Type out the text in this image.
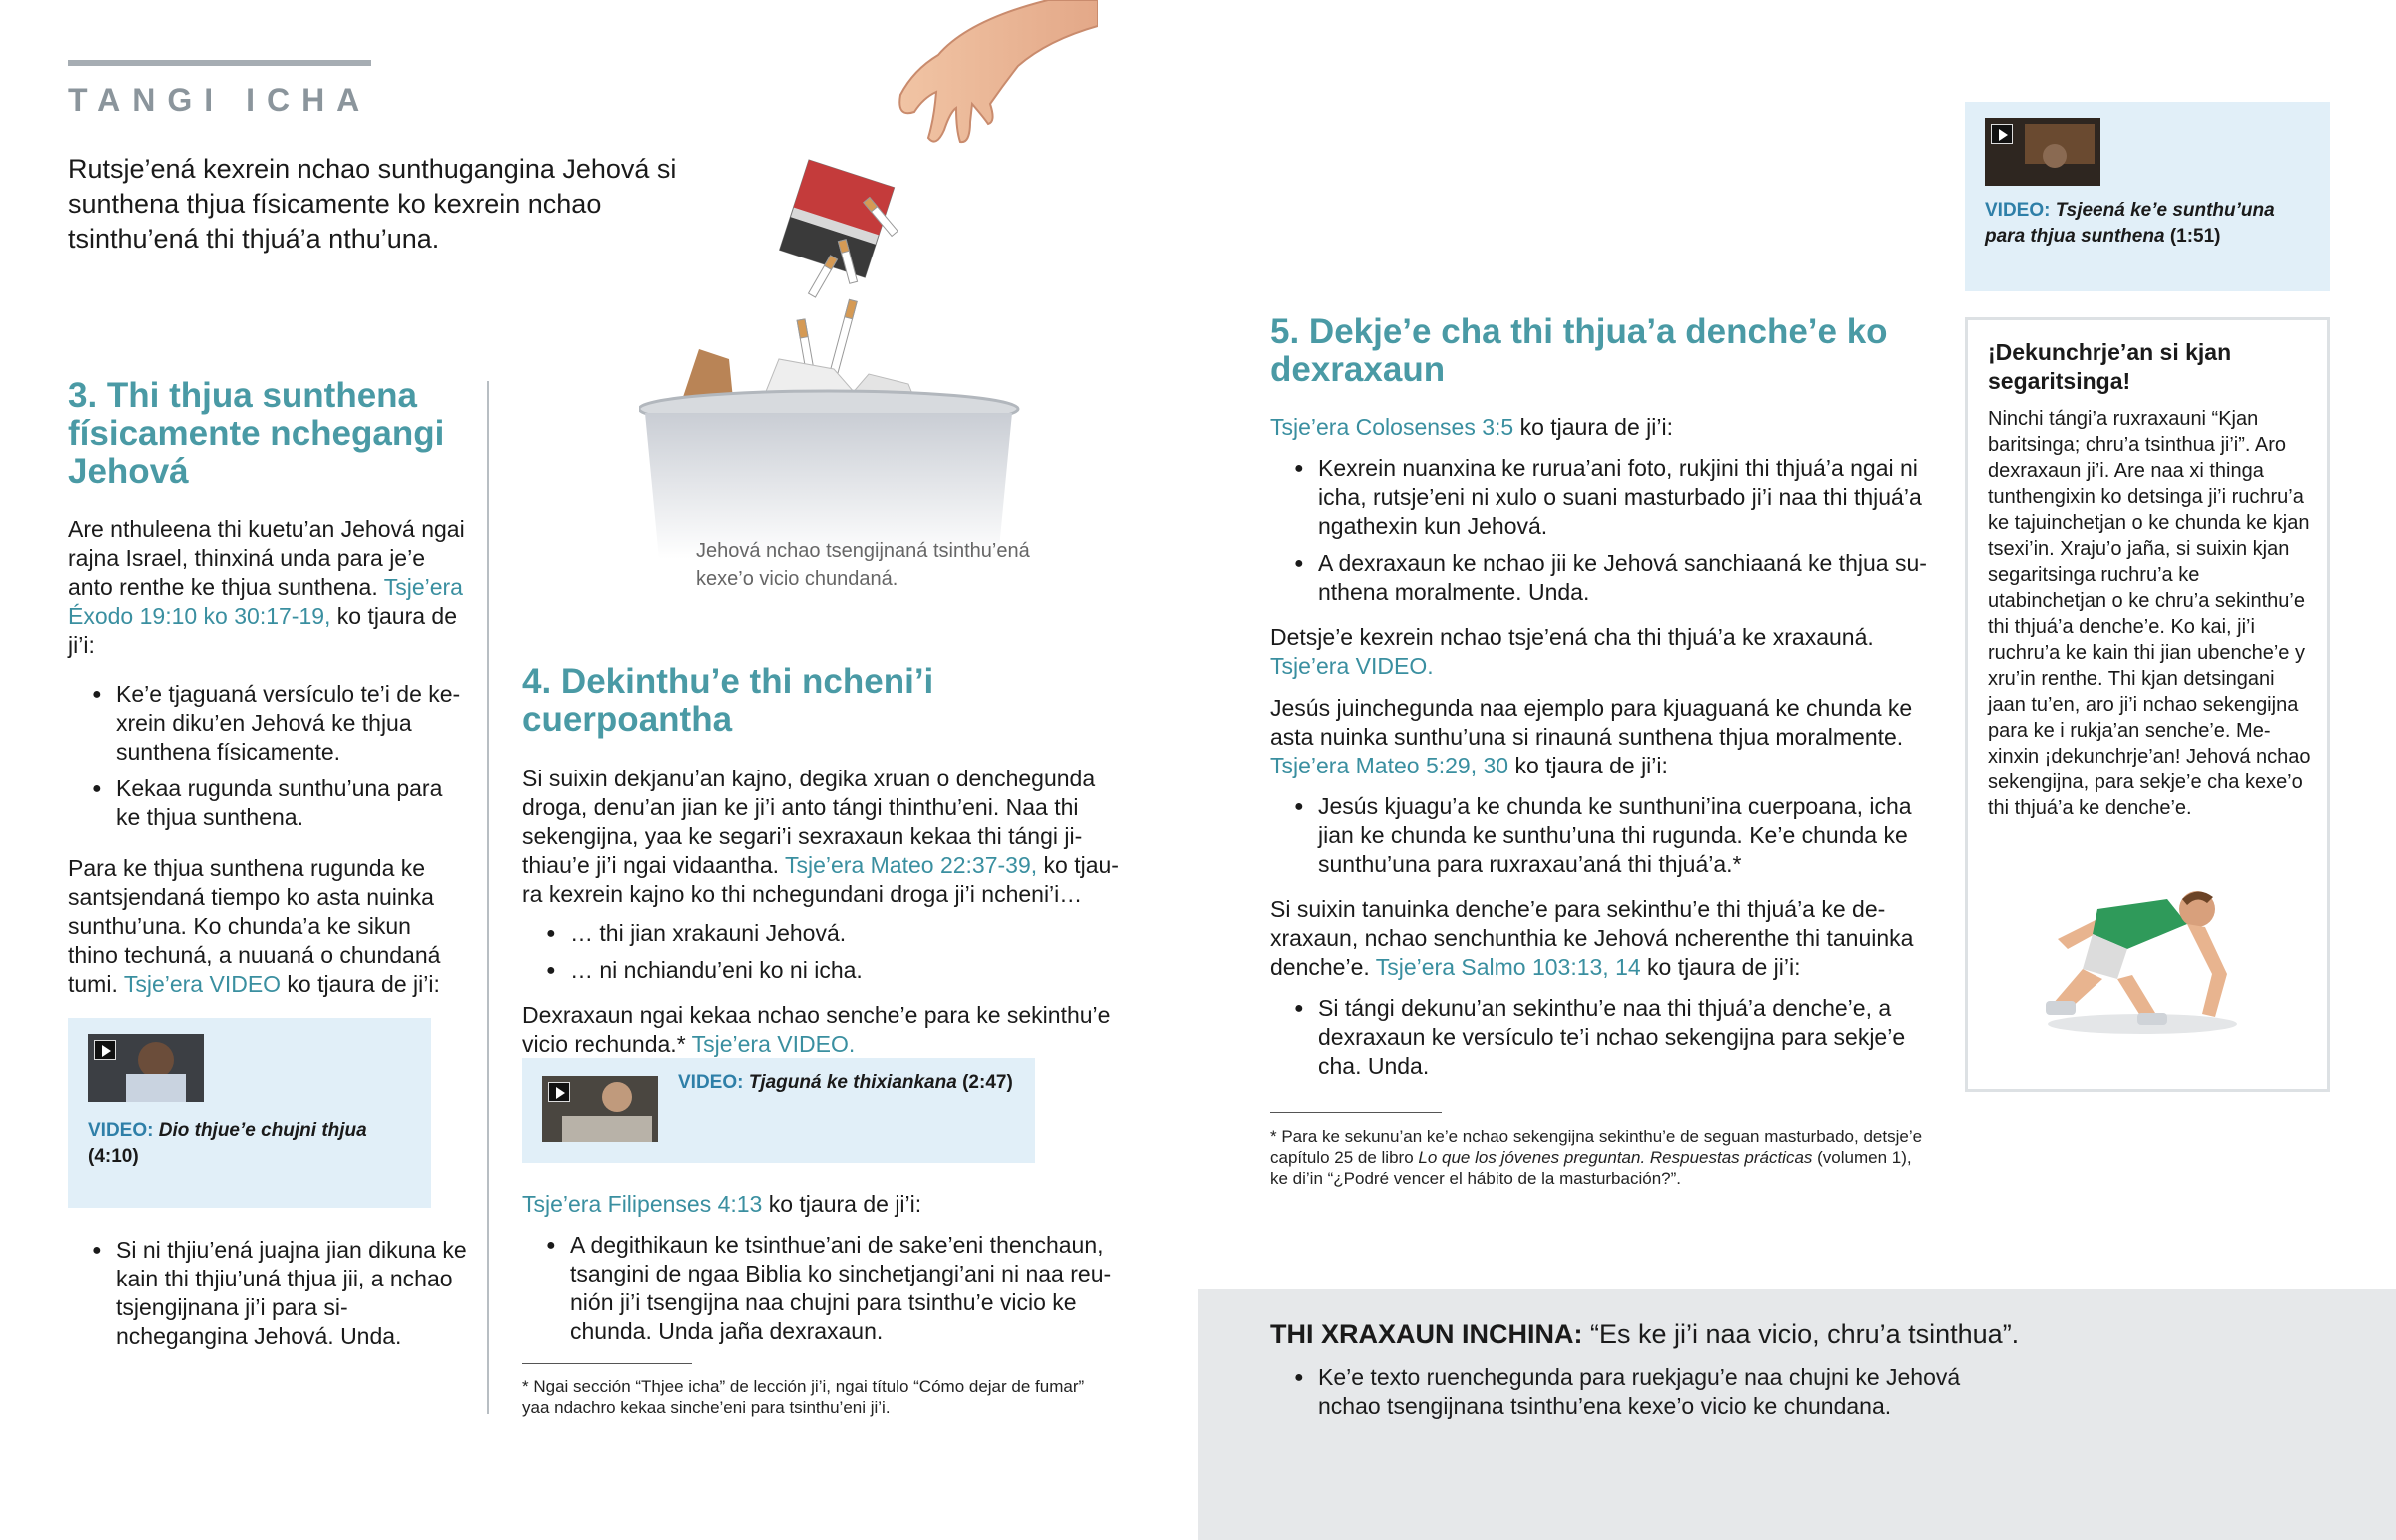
TANGI ICHA

Rutsje’ená kexrein nchao sunthugangina Jehová si sunthena thjua físicamente ko kexrein nchao tsinthu’ená thi thjuá’a nthu’una.

Jehová nchao tsengijnaná tsinthu’ená kexe’o vicio chundaná.
3. Thi thjua sunthena físicamente nchegangi Jehová

Are nthuleena thi kuetu’an Jehová ngai rajna Israel, thinxiná unda para je’e anto renthe ke thjua sunthena. Tsje’era Éxodo 19:10 ko 30:17-19, ko tjaura de ji’i:

● Ke’e tjaguaná versículo te’i de kexrein diku’en Jehová ke thjua sunthena físicamente.
● Kekaa rugunda sunthu’una para ke thjua sunthena.

Para ke thjua sunthena rugunda ke santsjendaná tiempo ko asta nuinka sunthu’una. Ko chunda’a ke sikun thino techuná, a nuuaná o chundaná tumi. Tsje’era VIDEO ko tjaura de ji’i:

VIDEO: Dio thjue’e chujni thjua
(4:10)
● Si ni thjiu’ená juajna jian dikuna ke kain thi thjiu’uná thjua jii, a nchao tsjengijnana ji’i para sinchegangina Jehová. Unda.
4. Dekinthu’e thi ncheni’i cuerpoantha

Si suixin dekjanu’an kajno, degika xruan o denchegunda droga, denu’an jian ke ji’i anto tángi thinthu’eni. Naa thi sekengijna, yaa ke segari’i sexraxaun kekaa thi tángi jithiau’e ji’i ngai vidaantha. Tsje’era Mateo 22:37-39, ko tjaura kexrein kajno ko thi nchegundani droga ji’i ncheni’i…

● … thi jian xrakauni Jehová.
● … ni nchiandu’eni ko ni icha.

Dexraxaun ngai kekaa nchao senche’e para ke sekinthu’e vicio rechunda.* Tsje’era VIDEO.

VIDEO: Tjaguná ke thixiankana (2:47)

Tsje’era Filipenses 4:13 ko tjaura de ji’i:

● A degithikaun ke tsinthue’ani de sake’eni thenchaun, tsangini de ngaa Biblia ko sinchetjangi’ani ni naa reunión ji’i tsengijna naa chujni para tsinthu’e vicio ke chunda. Unda jaña dexraxaun.
* Ngai sección “Thjee icha” de lección ji’i, ngai título “Cómo dejar de fumar” yaa ndachro kekaa sinche’eni para tsinthu’eni ji’i.
5. Dekje’e cha thi thjua’a denche’e ko dexraxaun

Tsje’era Colosenses 3:5 ko tjaura de ji’i:

● Kexrein nuanxina ke rurua’ani foto, rukjini thi thjuá’a ngai ni icha, rutsje’eni ni xulo o suani masturbado ji’i naa thi thjuá’a ngathexin kun Jehová.
● A dexraxaun ke nchao jii ke Jehová sanchiaaná ke thjua sunthena moralmente. Unda.

Detsje’e kexrein nchao tsje’ená cha thi thjuá’a ke xraxauná. Tsje’era VIDEO.

Jesús juinchegunda naa ejemplo para kjuaguaná ke chunda ke asta nuinka sunthu’una si rinauná sunthena thjua moralmente. Tsje’era Mateo 5:29, 30 ko tjaura de ji’i:

● Jesús kjuagu’a ke chunda ke sunthuni’ina cuerpoana, icha jian ke chunda ke sunthu’una thi rugunda. Ke’e chunda ke sunthu’una para ruxraxau’aná thi thjuá’a.*

Si suixin tanuinka denche’e para sekinthu’e thi thjuá’a ke dexraxaun, nchao senchunthia ke Jehová ncherenthe thi tanuinka denche’e. Tsje’era Salmo 103:13, 14 ko tjaura de ji’i:

● Si tángi dekunu’an sekinthu’e naa thi thjuá’a denche’e, a dexraxaun ke versículo te’i nchao sekengijna para sekje’e cha. Unda.
* Para ke sekunu’an ke’e nchao sekengijna sekinthu’e de seguan masturbado, detsje’e capítulo 25 de libro Lo que los jóvenes preguntan. Respuestas prácticas (volumen 1), ke di’in “¿Podré vencer el hábito de la masturbación?”.
VIDEO: Tsjeená ke’e sunthu’una para thjua sunthena (1:51)
¡Dekunchrje’an si kjan segaritsinga!
Ninchi tángi’a ruxraxauni “Kjan baritsinga; chru’a tsinthua ji’i”. Aro dexraxaun ji’i. Are naa xi thinga tunthengixin ko detsinga ji’i ruchru’a ke tajuinchetjan o ke chunda ke kjan tsexi’in. Xraju’o jaña, si suixin kjan segaritsinga ruchru’a ke utabinchetjan o ke chru’a sekinthu’e thi thjuá’a denche’e. Ko kai, ji’i ruchru’a ke kain thi jian ubenche’e y xru’in renthe. Thi kjan detsingani jaan tu’en, aro ji’i nchao sekengijna para ke i rukja’an senche’e. Mexinxin ¡dekunchrje’an! Jehová nchao sekengijna, para sekje’e cha kexe’o thi thjuá’a ke denche’e.
THI XRAXAUN INCHINA: “Es ke ji’i naa vicio, chru’a tsinthua”.
● Ke’e texto ruenchegunda para ruekjagu’e naa chujni ke Jehová nchao tsengijnana tsinthu’ena kexe’o vicio ke chundana.
